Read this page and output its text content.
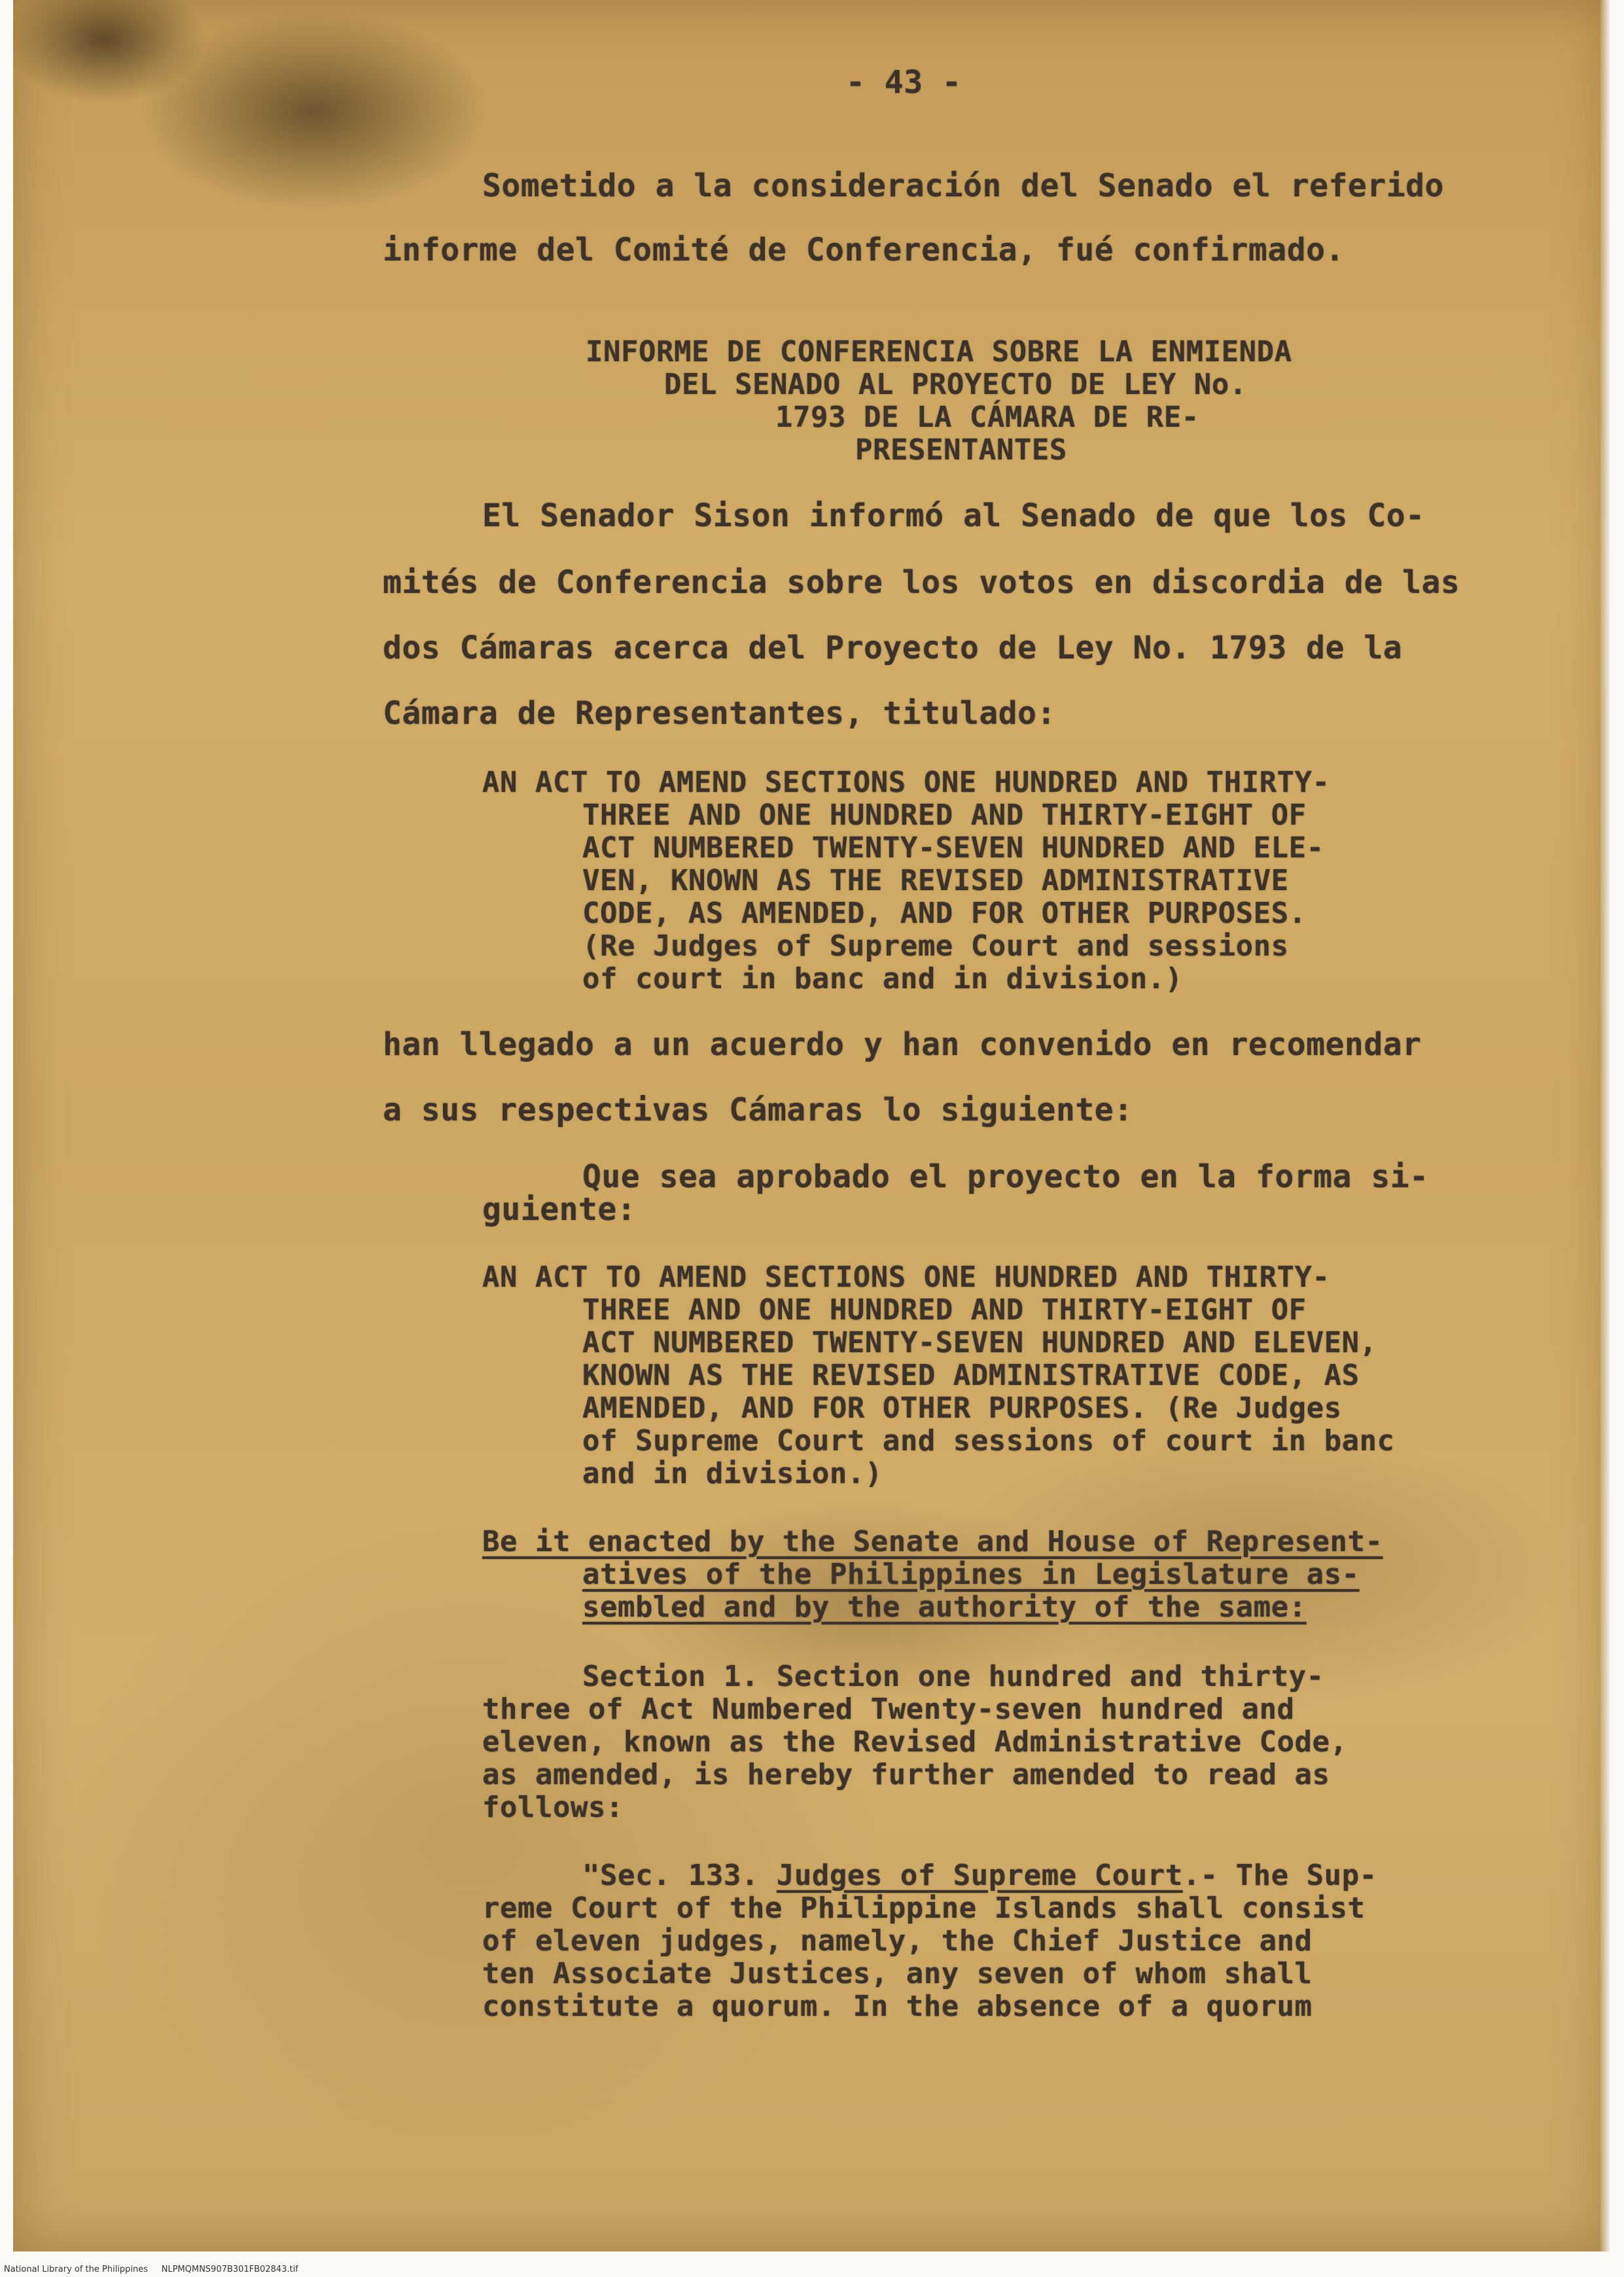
- 43 -

Sometido a la consideración del Senado el referido

informe del Comité de Conferencia, fué confirmado.

INFORME DE CONFERENCIA SOBRE LA ENMIENDA

DEL SENADO AL PROYECTO DE LEY No.

1793 DE LA CÁMARA DE RE-

PRESENTANTES

El Senador Sison informó al Senado de que los Co-

mités de Conferencia sobre los votos en discordia de las

dos Cámaras acerca del Proyecto de Ley No. 1793 de la

Cámara de Representantes, titulado:

AN ACT TO AMEND SECTIONS ONE HUNDRED AND THIRTY-

THREE AND ONE HUNDRED AND THIRTY-EIGHT OF

ACT NUMBERED TWENTY-SEVEN HUNDRED AND ELE-

VEN, KNOWN AS THE REVISED ADMINISTRATIVE

CODE, AS AMENDED, AND FOR OTHER PURPOSES.

(Re Judges of Supreme Court and sessions

of court in banc and in division.)

han llegado a un acuerdo y han convenido en recomendar

a sus respectivas Cámaras lo siguiente:

Que sea aprobado el proyecto en la forma si-

guiente:

AN ACT TO AMEND SECTIONS ONE HUNDRED AND THIRTY-

THREE AND ONE HUNDRED AND THIRTY-EIGHT OF

ACT NUMBERED TWENTY-SEVEN HUNDRED AND ELEVEN,

KNOWN AS THE REVISED ADMINISTRATIVE CODE, AS

AMENDED, AND FOR OTHER PURPOSES. (Re Judges

of Supreme Court and sessions of court in banc

and in division.)

Be it enacted by the Senate and House of Represent-

atives of the Philippines in Legislature as-

sembled and by the authority of the same:

Section 1. Section one hundred and thirty-

three of Act Numbered Twenty-seven hundred and

eleven, known as the Revised Administrative Code,

as amended, is hereby further amended to read as

follows:

"Sec. 133. Judges of Supreme Court.- The Sup-

reme Court of the Philippine Islands shall consist

of eleven judges, namely, the Chief Justice and

ten Associate Justices, any seven of whom shall

constitute a quorum. In the absence of a quorum

National Library of the Philippines     NLPMQMNS907B301FB02843.tif
